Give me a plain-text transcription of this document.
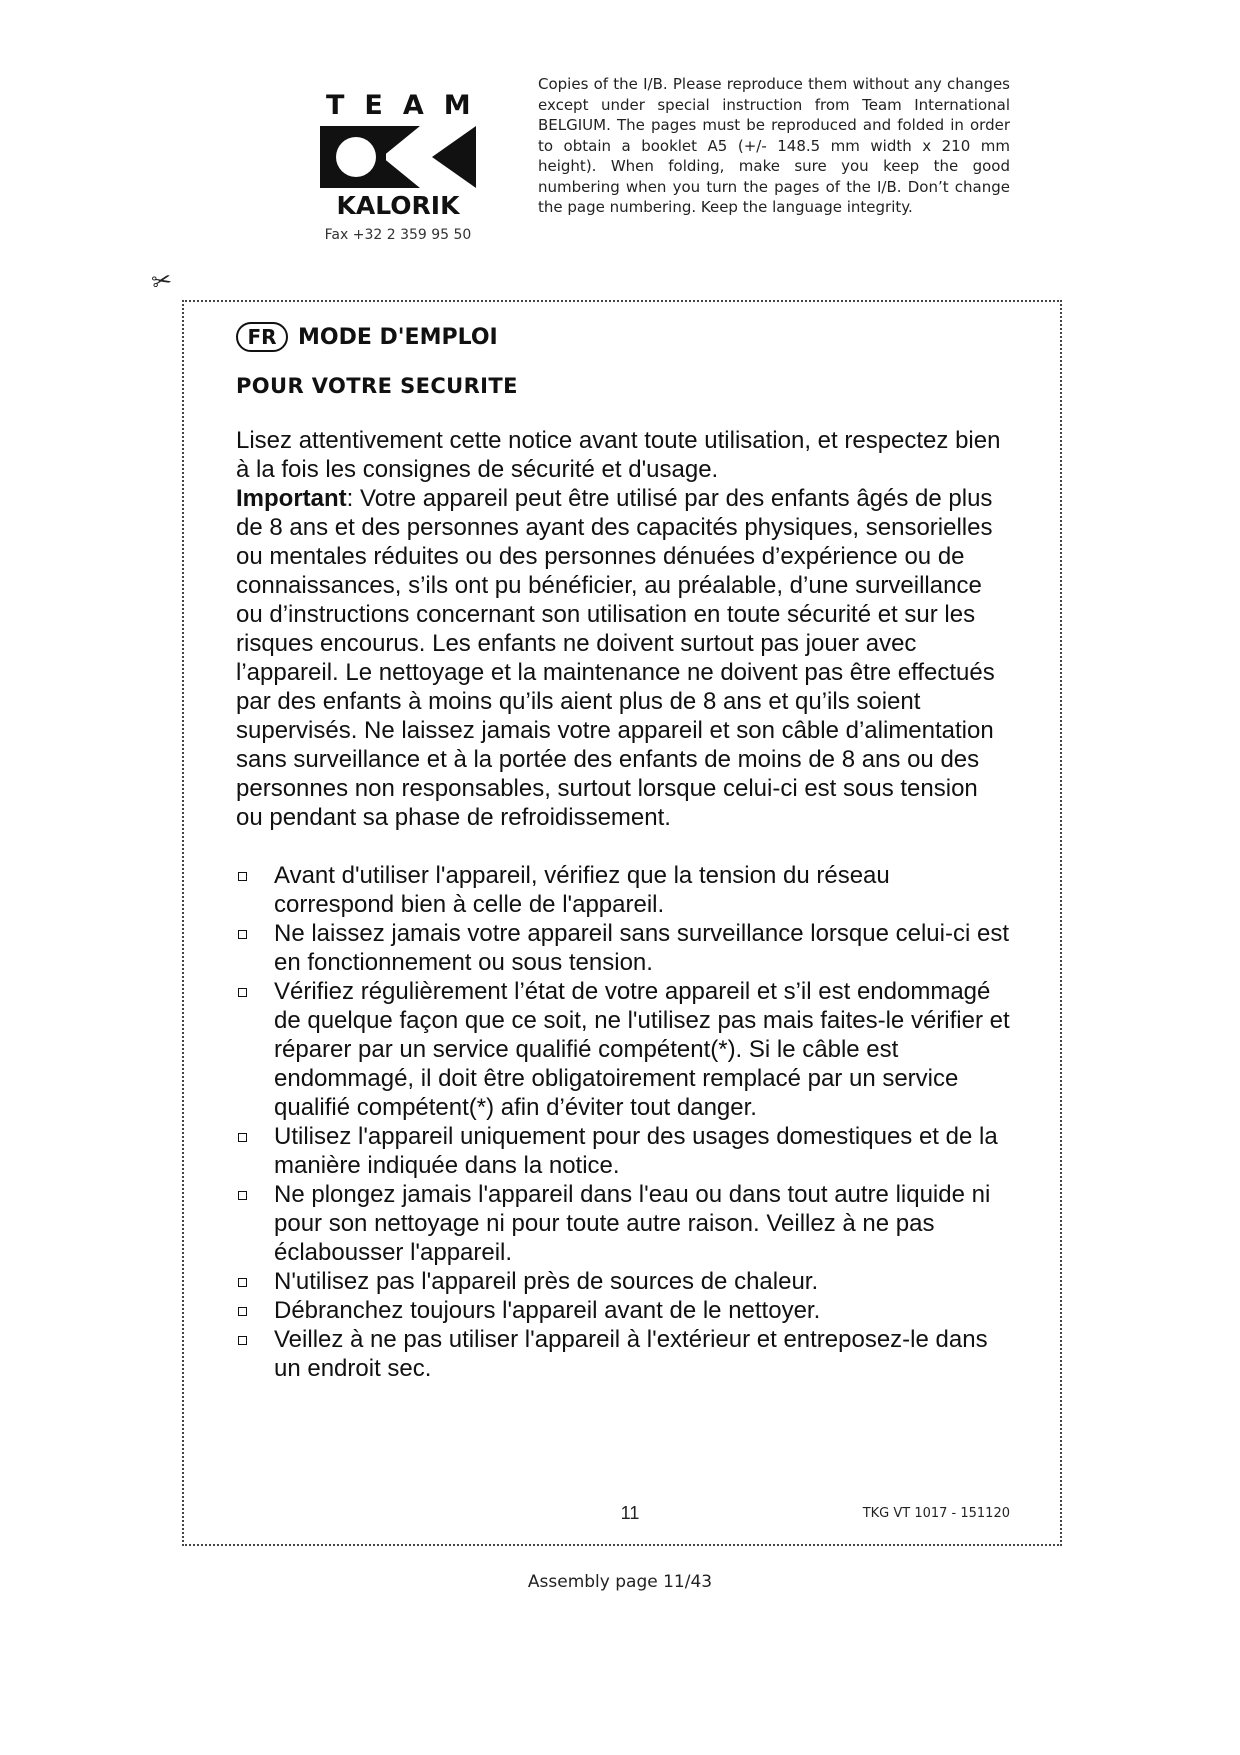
TEAM
KALORIK
Fax +32 2 359 95 50

Copies of the I/B. Please reproduce them without any changes except under special instruction from Team International BELGIUM. The pages must be reproduced and folded in order to obtain a booklet A5 (+/- 148.5 mm width x 210 mm height). When folding, make sure you keep the good numbering when you turn the pages of the I/B. Don’t change the page numbering. Keep the language integrity.

✂
FR MODE D'EMPLOI
POUR VOTRE SECURITE

Lisez attentivement cette notice avant toute utilisation, et respectez bien à la fois les consignes de sécurité et d'usage.

Important: Votre appareil peut être utilisé par des enfants âgés de plus de 8 ans et des personnes ayant des capacités physiques, sensorielles ou mentales réduites ou des personnes dénuées d’expérience ou de connaissances, s’ils ont pu bénéficier, au préalable, d’une surveillance ou d’instructions concernant son utilisation en toute sécurité et sur les risques encourus. Les enfants ne doivent surtout pas jouer avec l’appareil. Le nettoyage et la maintenance ne doivent pas être effectués par des enfants à moins qu’ils aient plus de 8 ans et qu’ils soient supervisés. Ne laissez jamais votre appareil et son câble d’alimentation sans surveillance et à la portée des enfants de moins de 8 ans ou des personnes non responsables, surtout lorsque celui-ci est sous tension ou pendant sa phase de refroidissement.

Avant d'utiliser l'appareil, vérifiez que la tension du réseau correspond bien à celle de l'appareil.
Ne laissez jamais votre appareil sans surveillance lorsque celui-ci est en fonctionnement ou sous tension.
Vérifiez régulièrement l’état de votre appareil et s’il est endommagé de quelque façon que ce soit, ne l'utilisez pas mais faites-le vérifier et réparer par un service qualifié compétent(*). Si le câble est endommagé, il doit être obligatoirement remplacé par un service qualifié compétent(*) afin d’éviter tout danger.
Utilisez l'appareil uniquement pour des usages domestiques et de la manière indiquée dans la notice.
Ne plongez jamais l'appareil dans l'eau ou dans tout autre liquide ni pour son nettoyage ni pour toute autre raison. Veillez à ne pas éclabousser l'appareil.
N'utilisez pas l'appareil près de sources de chaleur.
Débranchez toujours l'appareil avant de le nettoyer.
Veillez à ne pas utiliser l'appareil à l'extérieur et entreposez-le dans un endroit sec.
11	TKG VT 1017 - 151120
Assembly page 11/43
